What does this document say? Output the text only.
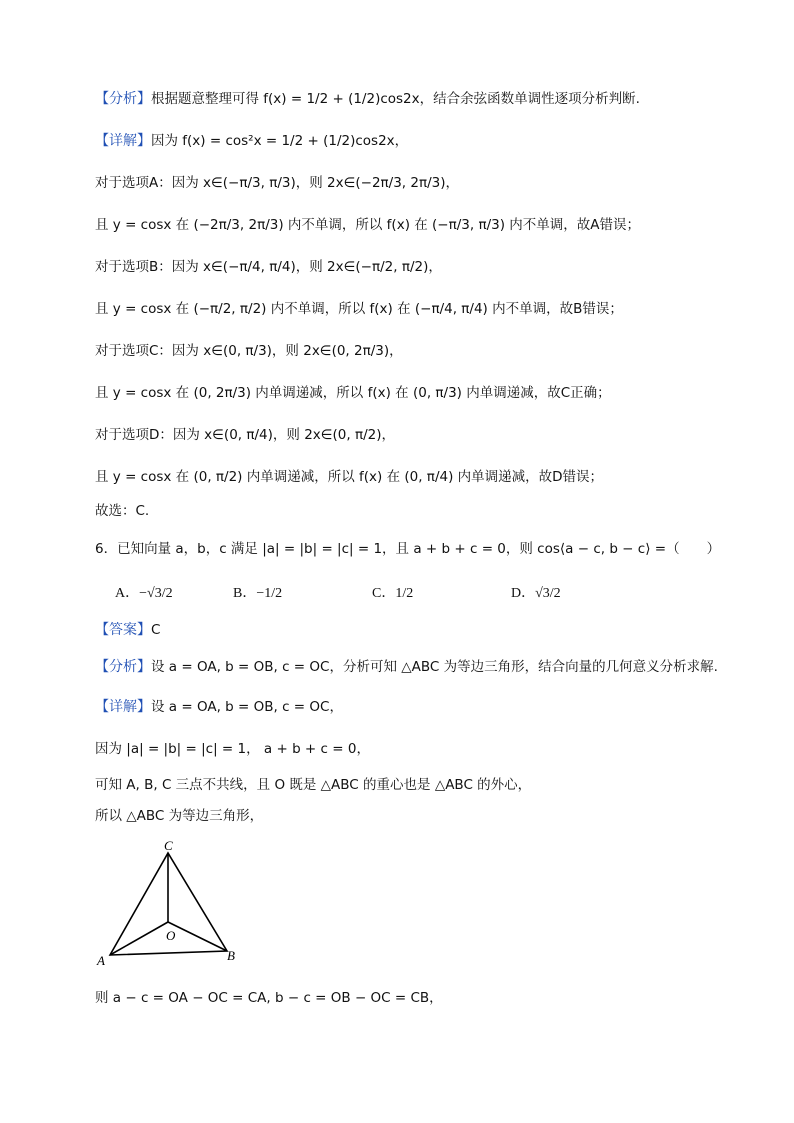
【分析】根据题意整理可得 f(x) = 1/2 + (1/2)cos2x，结合余弦函数单调性逐项分析判断.
【详解】因为 f(x) = cos²x = 1/2 + (1/2)cos2x，
对于选项A：因为 x∈(−π/3, π/3)，则 2x∈(−2π/3, 2π/3)，
且 y = cosx 在 (−2π/3, 2π/3) 内不单调，所以 f(x) 在 (−π/3, π/3) 内不单调，故A错误；
对于选项B：因为 x∈(−π/4, π/4)，则 2x∈(−π/2, π/2)，
且 y = cosx 在 (−π/2, π/2) 内不单调，所以 f(x) 在 (−π/4, π/4) 内不单调，故B错误；
对于选项C：因为 x∈(0, π/3)，则 2x∈(0, 2π/3)，
且 y = cosx 在 (0, 2π/3) 内单调递减，所以 f(x) 在 (0, π/3) 内单调递减，故C正确；
对于选项D：因为 x∈(0, π/4)，则 2x∈(0, π/2)，
且 y = cosx 在 (0, π/2) 内单调递减，所以 f(x) 在 (0, π/4) 内单调递减，故D错误；
故选：C.
6．已知向量 a，b，c 满足 |a| = |b| = |c| = 1，且 a + b + c = 0，则 cos⟨a − c, b − c⟩ =（　　）
A．−√3/2	B．−1/2	C．1/2	D．√3/2
【答案】C
【分析】设 a = OA, b = OB, c = OC，分析可知 △ABC 为等边三角形，结合向量的几何意义分析求解.
【详解】设 a = OA, b = OB, c = OC，
因为 |a| = |b| = |c| = 1， a + b + c = 0，
可知 A, B, C 三点不共线，且 O 既是 △ABC 的重心也是 △ABC 的外心，
所以 △ABC 为等边三角形，
A	B
C
O
则 a − c = OA − OC = CA, b − c = OB − OC = CB，
